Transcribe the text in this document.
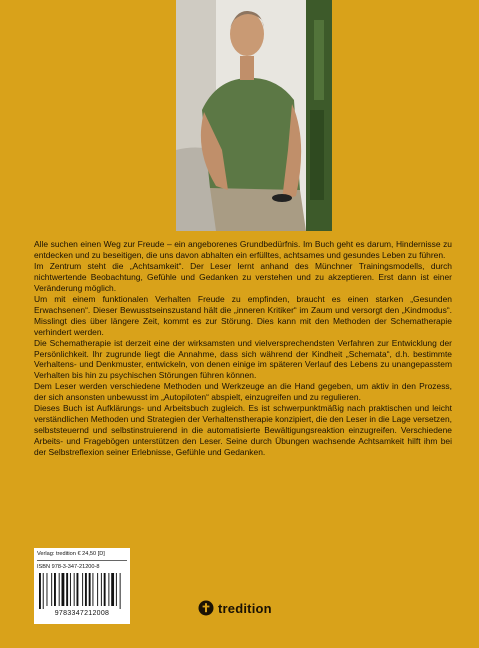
Alle suchen einen Weg zur Freude – ein angeborenes Grundbedürfnis. Im Buch geht es darum, Hindernisse zu entdecken und zu beseitigen, die uns davon abhalten ein erfülltes, achtsames und gesundes Leben zu führen.

Im Zentrum steht die „Achtsamkeit“. Der Leser lernt anhand des Münchner Trainingsmodells, durch nichtwertende Beobachtung, Gefühle und Gedanken zu verstehen und zu akzeptieren. Erst dann ist einer Veränderung möglich.

Um mit einem funktionalen Verhalten Freude zu empfinden, braucht es einen starken „Gesunden Erwachsenen“. Dieser Bewusstseinszustand hält die „inneren Kritiker“ im Zaum und versorgt den „Kindmodus“. Misslingt dies über längere Zeit, kommt es zur Störung. Dies kann mit den Methoden der Schematherapie verhindert werden.

Die Schematherapie ist derzeit eine der wirksamsten und vielversprechendsten Verfahren zur Entwicklung der Persönlichkeit. Ihr zugrunde liegt die Annahme, dass sich während der Kindheit „Schemata“, d.h. bestimmte Verhaltens- und Denkmuster, entwickeln, von denen einige im späteren Verlauf des Lebens zu unangepasstem Verhalten bis hin zu psychischen Störungen führen können.

Dem Leser werden verschiedene Methoden und Werkzeuge an die Hand gegeben, um aktiv in den Prozess, der sich ansonsten unbewusst im „Autopiloten“ abspielt, einzugreifen und zu regulieren.

Dieses Buch ist Aufklärungs- und Arbeitsbuch zugleich. Es ist schwerpunktmäßig nach praktischen und leicht verständlichen Methoden und Strategien der Verhaltenstherapie konzipiert, die den Leser in die Lage versetzen, selbststeuernd und selbstinstruierend in die automatisierte Bewältigungsreaktion einzugreifen. Verschiedene Arbeits- und Fragebögen unterstützen den Leser. Seine durch Übungen wachsende Achtsamkeit hilft ihm bei der Selbstreflexion seiner Erlebnisse, Gefühle und Gedanken.

Verlag: tredition € 24,50 [D]
ISBN 978-3-347-21200-8
9783347212008	tredition
